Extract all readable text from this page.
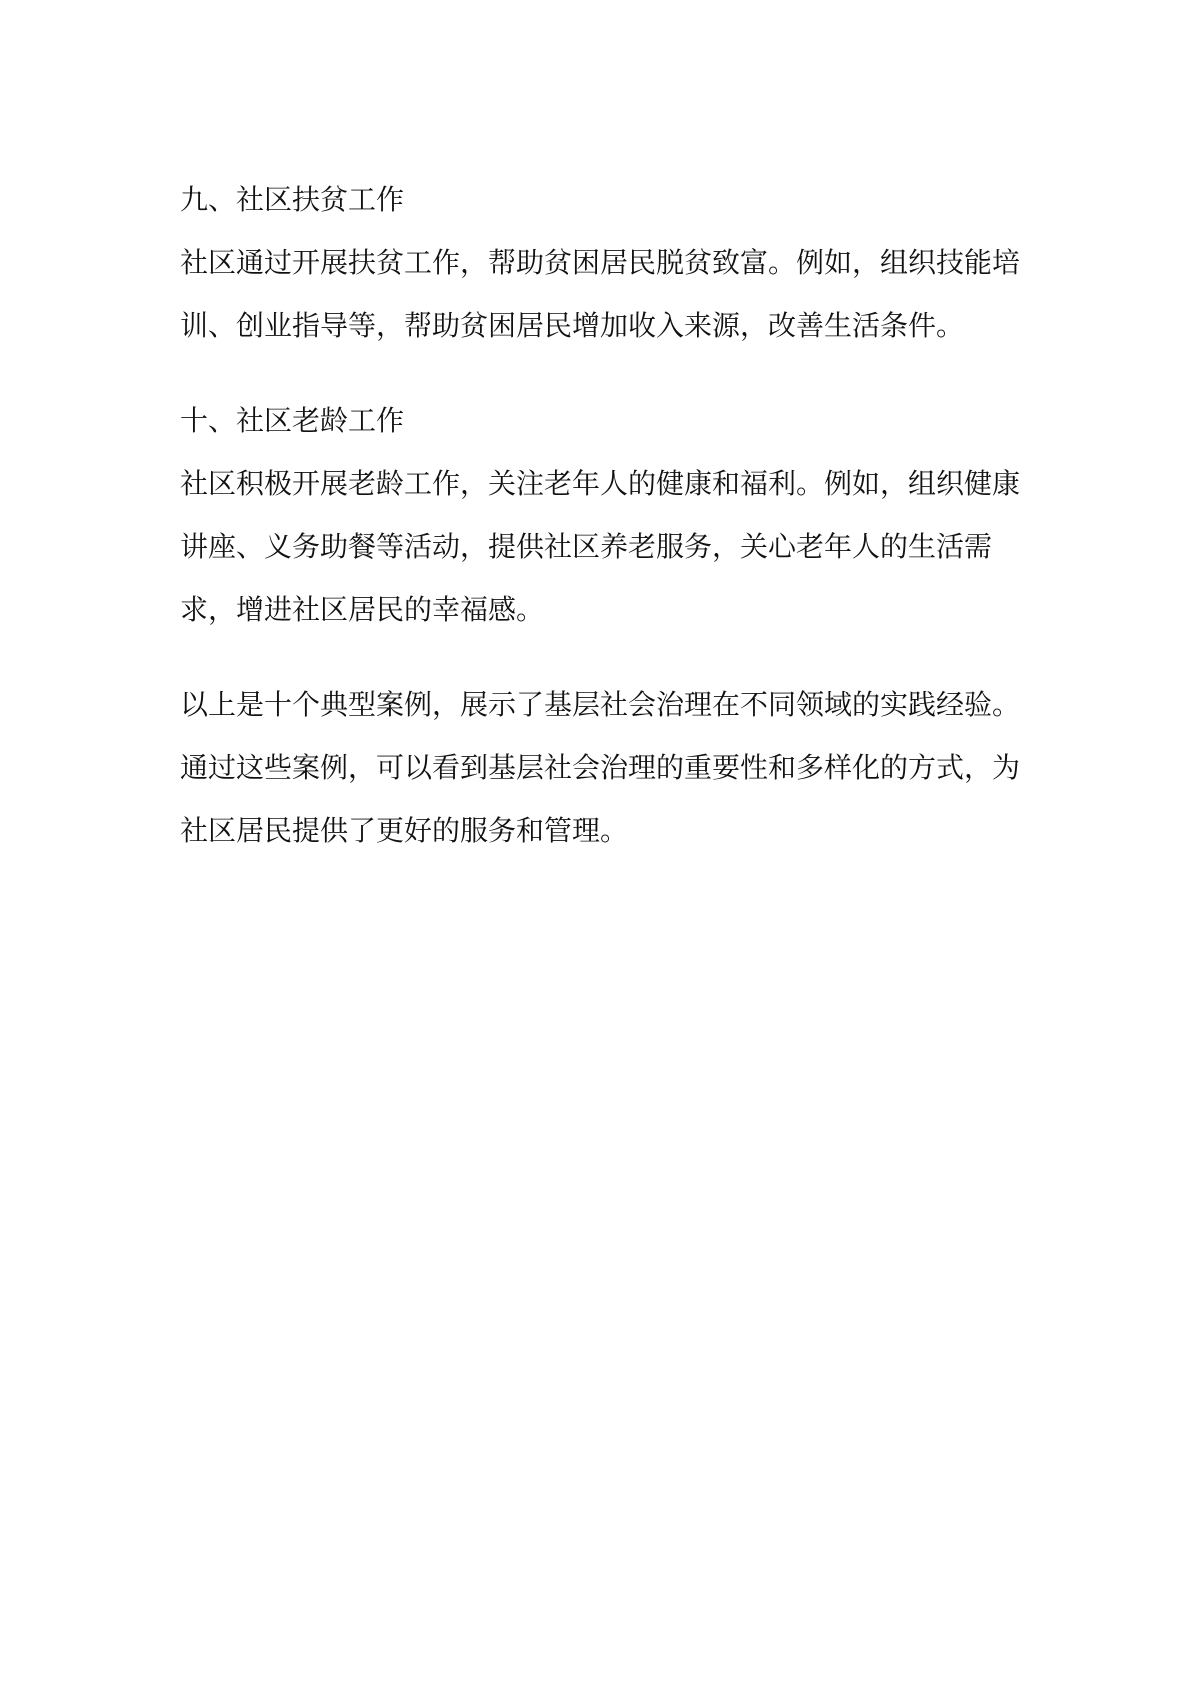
九、社区扶贫工作

社区通过开展扶贫工作，帮助贫困居民脱贫致富。例如，组织技能培训、创业指导等，帮助贫困居民增加收入来源，改善生活条件。

十、社区老龄工作

社区积极开展老龄工作，关注老年人的健康和福利。例如，组织健康讲座、义务助餐等活动，提供社区养老服务，关心老年人的生活需求，增进社区居民的幸福感。

以上是十个典型案例，展示了基层社会治理在不同领域的实践经验。通过这些案例，可以看到基层社会治理的重要性和多样化的方式，为社区居民提供了更好的服务和管理。
